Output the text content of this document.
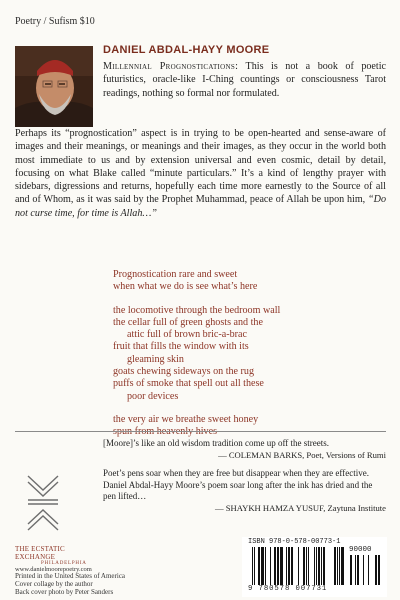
Poetry / Sufism $10
DANIEL ABDAL-HAYY MOORE
Millennial Prognostications: This is not a book of poetic futuristics, oracle-like I-Ching countings or consciousness Tarot readings, nothing so formal nor formulated.
Perhaps its “prognostication” aspect is in trying to be open-hearted and sense-aware of images and their meanings, or meanings and their images, as they occur in the world both most immediate to us and by extension universal and even cosmic, detail by detail, focusing on what Blake called “minute particulars.” It’s a kind of lengthy prayer with sidebars, digressions and returns, hopefully each time more earnestly to the Source of all and of Whom, as it was said by the Prophet Muhammad, peace of Allah be upon him, “Do not curse time, for time is Allah…”
Prognostication rare and sweet
when what we do is see what’s here
the locomotive through the bedroom wall
the cellar full of green ghosts and the
attic full of brown bric-a-brac
fruit that fills the window with its
gleaming skin
goats chewing sideways on the rug
puffs of smoke that spell out all these
poor devices
the very air we breathe sweet honey
[Moore]’s like an old wisdom tradition come up off the streets.
— COLEMAN BARKS, Poet, Versions of Rumi
Poet’s pens soar when they are free but disappear when they are effective. Daniel Abdal-Hayy Moore’s poem soar long after the ink has dried and the pen lifted…
— SHAYKH HAMZA YUSUF, Zaytuna Institute
THE ECSTATIC EXCHANGE
PHILADELPHIA
www.danielmoorepoetry.com
Printed in the United States of America
Cover collage by the author
Back cover photo by Peter Sanders
ISBN 978-0-578-00773-1
90000
9 780578 007731
